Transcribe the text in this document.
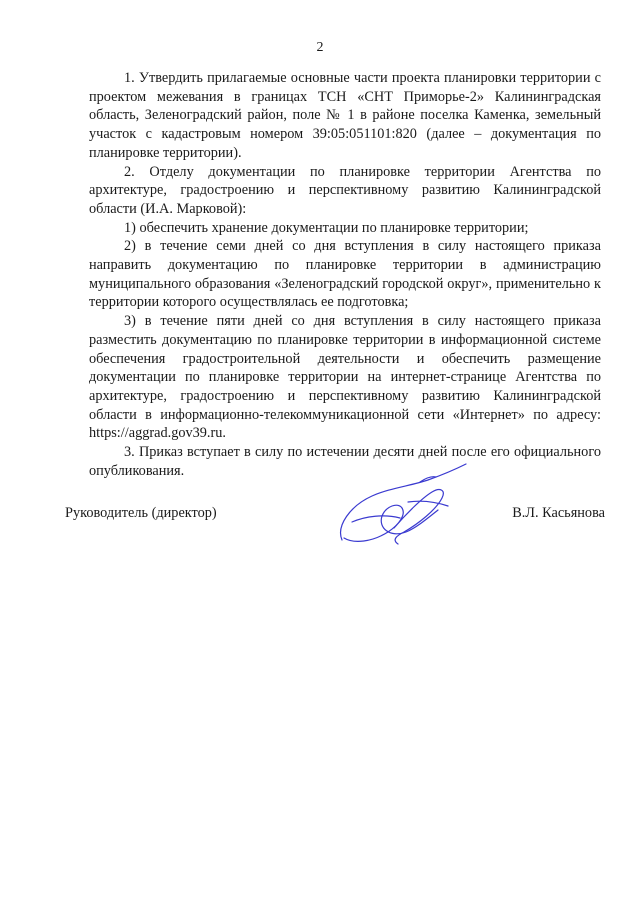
2

1. Утвердить прилагаемые основные части проекта планировки территории с проектом межевания в границах ТСН «СНТ Приморье-2» Калининградская область, Зеленоградский район, поле № 1 в районе поселка Каменка, земельный участок с кадастровым номером 39:05:051101:820 (далее – документация по планировке территории).

2. Отделу документации по планировке территории Агентства по архитектуре, градостроению и перспективному развитию Калининградской области (И.А. Марковой):

1) обеспечить хранение документации по планировке территории;

2) в течение семи дней со дня вступления в силу настоящего приказа направить документацию по планировке территории в администрацию муниципального образования «Зеленоградский городской округ», применительно к территории которого осуществлялась ее подготовка;

3) в течение пяти дней со дня вступления в силу настоящего приказа разместить документацию по планировке территории в информационной системе обеспечения градостроительной деятельности и обеспечить размещение документации по планировке территории на интернет-странице Агентства по архитектуре, градостроению и перспективному развитию Калининградской области в информационно-телекоммуникационной сети «Интернет» по адресу: https://aggrad.gov39.ru.

3. Приказ вступает в силу по истечении десяти дней после его официального опубликования.

Руководитель (директор)	В.Л. Касьянова
